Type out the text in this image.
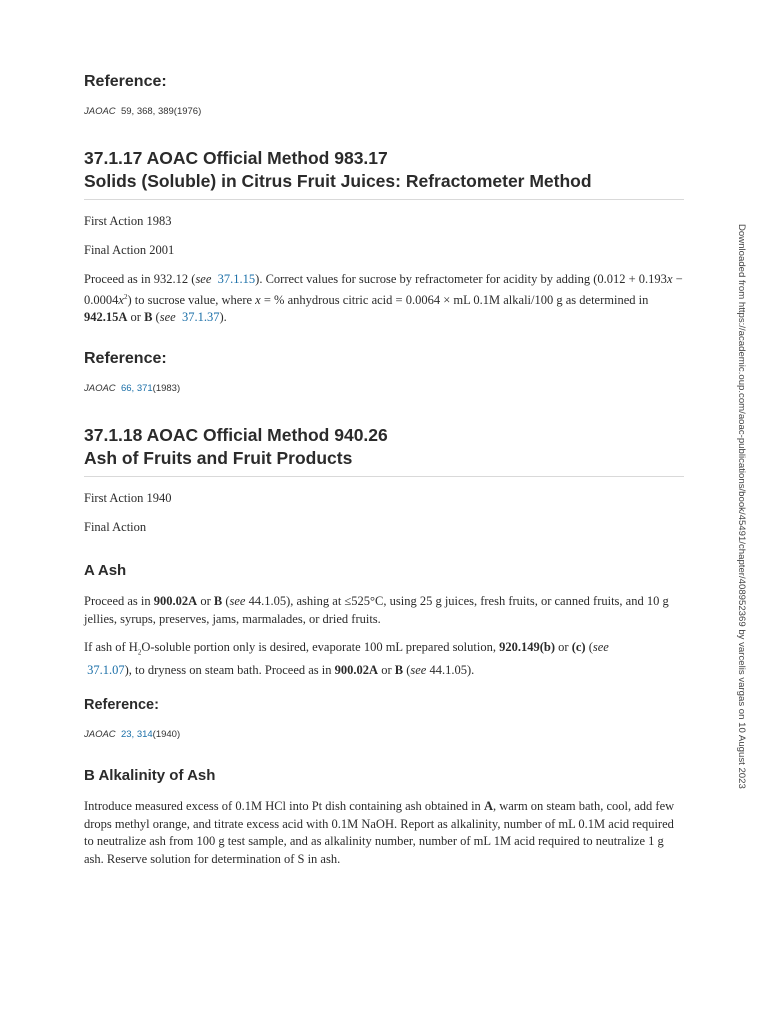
Reference:

JAOAC 59, 368, 389(1976)

37.1.17 AOAC Official Method 983.17
Solids (Soluble) in Citrus Fruit Juices: Refractometer Method

First Action 1983

Final Action 2001

Proceed as in 932.12 (see 37.1.15). Correct values for sucrose by refractometer for acidity by adding $(0.012 + 0.193x - 0.0004x^2)$ to sucrose value, where x = % anhydrous citric acid = 0.0064 × mL 0.1M alkali/100 g as determined in 942.15A or B (see 37.1.37).

Reference:

JAOAC 66, 371(1983)

37.1.18 AOAC Official Method 940.26
Ash of Fruits and Fruit Products

First Action 1940

Final Action

A Ash

Proceed as in 900.02A or B (see 44.1.05), ashing at ≤525°C, using 25 g juices, fresh fruits, or canned fruits, and 10 g jellies, syrups, preserves, jams, marmalades, or dried fruits.

If ash of $H_2O$-soluble portion only is desired, evaporate 100 mL prepared solution, 920.149(b) or (c) (see
37.1.07), to dryness on steam bath. Proceed as in 900.02A or B (see 44.1.05).

Reference:

JAOAC 23, 314(1940)

B Alkalinity of Ash

Introduce measured excess of 0.1M HCl into Pt dish containing ash obtained in A, warm on steam bath, cool, add few drops methyl orange, and titrate excess acid with 0.1M NaOH. Report as alkalinity, number of mL 0.1M acid required to neutralize ash from 100 g test sample, and as alkalinity number, number of mL 1M acid required to neutralize 1 g ash. Reserve solution for determination of S in ash.

Downloaded from https://academic.oup.com/aoac-publications/book/45491/chapter/408952369 by varcelis vargas on 10 August 2023
